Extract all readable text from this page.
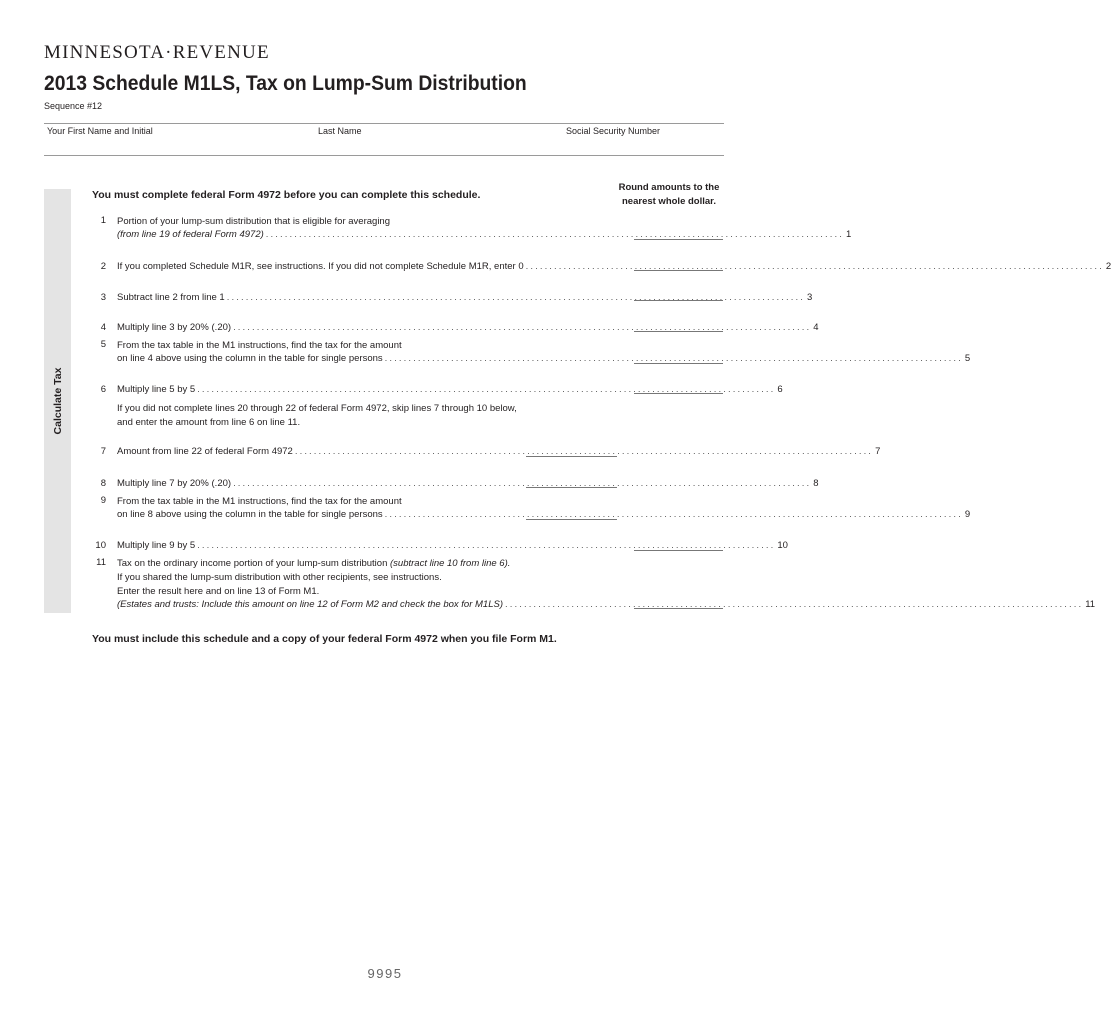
MINNESOTA·REVENUE
2013 Schedule M1LS, Tax on Lump-Sum Distribution
Sequence #12
Your First Name and Initial	Last Name	Social Security Number
Calculate Tax
You must complete federal Form 4972 before you can complete this schedule.
Round amounts to the
nearest whole dollar.
1 Portion of your lump-sum distribution that is eligible for averaging
(from line 19 of federal Form 4972) .......................................................................................................................... 1
2 If you completed Schedule M1R, see instructions. If you did not complete Schedule M1R, enter 0 .......................................................................................................................... 2
3 Subtract line 2 from line 1 .......................................................................................................................... 3
4 Multiply line 3 by 20% (.20) .......................................................................................................................... 4
5 From the tax table in the M1 instructions, find the tax for the amount
on line 4 above using the column in the table for single persons .......................................................................................................................... 5
6 Multiply line 5 by 5 .......................................................................................................................... 6
If you did not complete lines 20 through 22 of federal Form 4972, skip lines 7 through 10 below,
and enter the amount from line 6 on line 11.
7 Amount from line 22 of federal Form 4972 .......................................................................................................................... 7
8 Multiply line 7 by 20% (.20) .......................................................................................................................... 8
9 From the tax table in the M1 instructions, find the tax for the amount
on line 8 above using the column in the table for single persons .......................................................................................................................... 9
10 Multiply line 9 by 5 .......................................................................................................................... 10
11 Tax on the ordinary income portion of your lump-sum distribution (subtract line 10 from line 6).
If you shared the lump-sum distribution with other recipients, see instructions.
Enter the result here and on line 13 of Form M1.
(Estates and trusts: Include this amount on line 12 of Form M2 and check the box for M1LS) .......................................................................................................................... 11
You must include this schedule and a copy of your federal Form 4972 when you file Form M1.
9995
